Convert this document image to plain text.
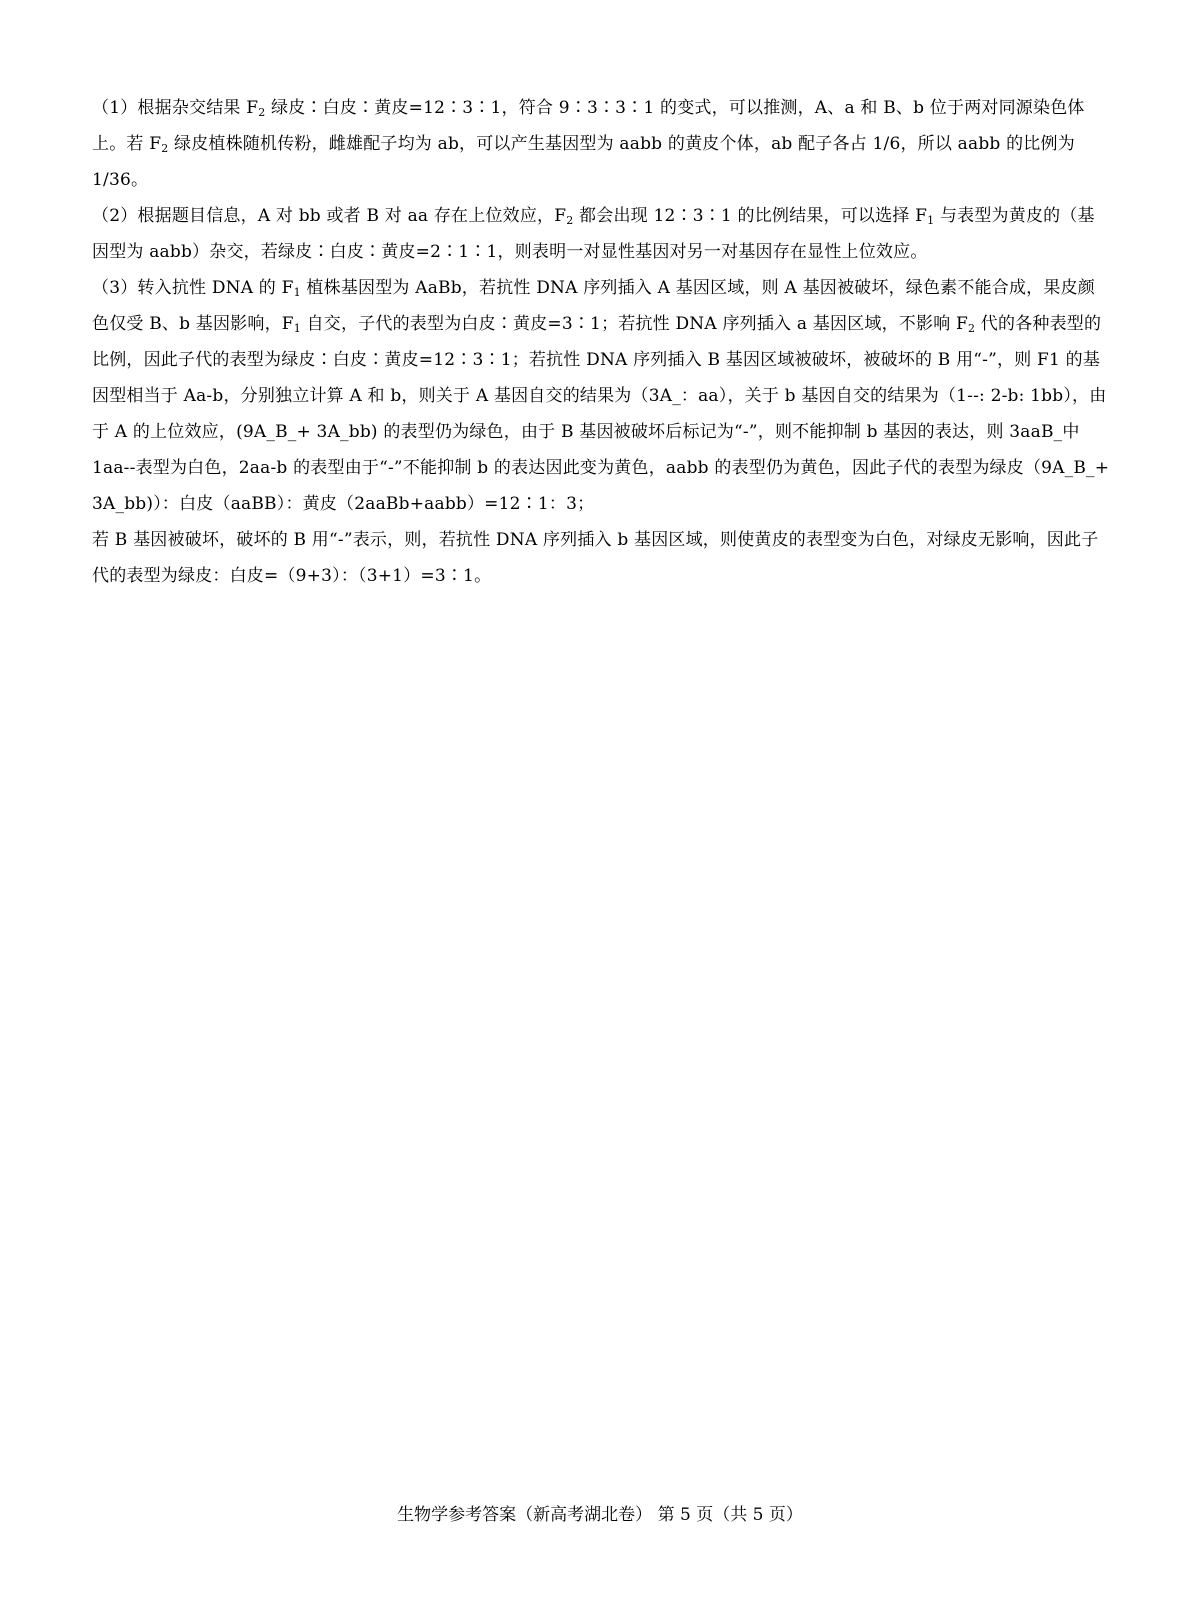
（1）根据杂交结果 $F_2$ 绿皮∶白皮∶黄皮=12∶3∶1，符合 9∶3∶3∶1 的变式，可以推测，A、a 和 B、b 位于两对同源染色体上。若 $F_2$ 绿皮植株随机传粉，雌雄配子均为 ab，可以产生基因型为 aabb 的黄皮个体，ab 配子各占 1/6，所以 aabb 的比例为 1/36。

（2）根据题目信息，A 对 bb 或者 B 对 aa 存在上位效应，$F_2$ 都会出现 12∶3∶1 的比例结果，可以选择 $F_1$ 与表型为黄皮的（基因型为 aabb）杂交，若绿皮∶白皮∶黄皮=2∶1∶1，则表明一对显性基因对另一对基因存在显性上位效应。

（3）转入抗性 DNA 的 $F_1$ 植株基因型为 AaBb，若抗性 DNA 序列插入 A 基因区域，则 A 基因被破坏，绿色素不能合成，果皮颜色仅受 B、b 基因影响，$F_1$ 自交，子代的表型为白皮∶黄皮=3∶1；若抗性 DNA 序列插入 a 基因区域，不影响 $F_2$ 代的各种表型的比例，因此子代的表型为绿皮∶白皮∶黄皮=12∶3∶1；若抗性 DNA 序列插入 B 基因区域被破坏，被破坏的 B 用“-”，则 F1 的基因型相当于 Aa-b，分别独立计算 A 和 b，则关于 A 基因自交的结果为（3A_：aa），关于 b 基因自交的结果为（1--: 2-b: 1bb），由于 A 的上位效应，(9A_B_+ 3A_bb) 的表型仍为绿色，由于 B 基因被破坏后标记为“-”，则不能抑制 b 基因的表达，则 3aaB_中 1aa--表型为白色，2aa-b 的表型由于“-”不能抑制 b 的表达因此变为黄色，aabb 的表型仍为黄色，因此子代的表型为绿皮（9A_B_+ 3A_bb)）：白皮（aaBB）：黄皮（2aaBb+aabb）=12∶1：3；

若 B 基因被破坏，破坏的 B 用“-”表示，则，若抗性 DNA 序列插入 b 基因区域，则使黄皮的表型变为白色，对绿皮无影响，因此子代的表型为绿皮：白皮=（9+3）：（3+1）=3∶1。

生物学参考答案（新高考湖北卷） 第 5 页（共 5 页）
